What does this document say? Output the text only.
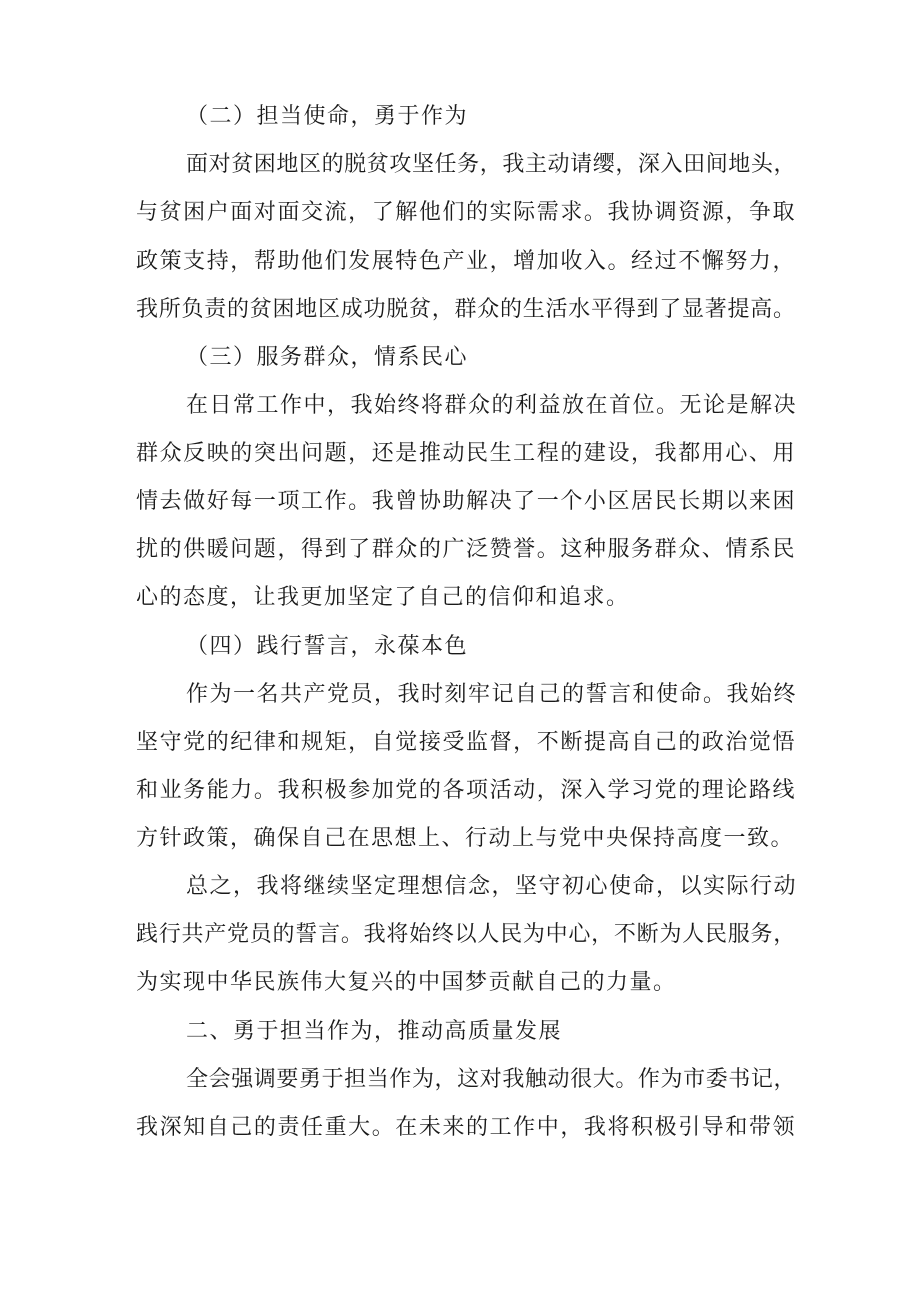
（二）担当使命，勇于作为
面对贫困地区的脱贫攻坚任务，我主动请缨，深入田间地头，
与贫困户面对面交流，了解他们的实际需求。我协调资源，争取
政策支持，帮助他们发展特色产业，增加收入。经过不懈努力，
我所负责的贫困地区成功脱贫，群众的生活水平得到了显著提高。
（三）服务群众，情系民心
在日常工作中，我始终将群众的利益放在首位。无论是解决
群众反映的突出问题，还是推动民生工程的建设，我都用心、用
情去做好每一项工作。我曾协助解决了一个小区居民长期以来困
扰的供暖问题，得到了群众的广泛赞誉。这种服务群众、情系民
心的态度，让我更加坚定了自己的信仰和追求。
（四）践行誓言，永葆本色
作为一名共产党员，我时刻牢记自己的誓言和使命。我始终
坚守党的纪律和规矩，自觉接受监督，不断提高自己的政治觉悟
和业务能力。我积极参加党的各项活动，深入学习党的理论路线
方针政策，确保自己在思想上、行动上与党中央保持高度一致。
总之，我将继续坚定理想信念，坚守初心使命，以实际行动
践行共产党员的誓言。我将始终以人民为中心，不断为人民服务，
为实现中华民族伟大复兴的中国梦贡献自己的力量。
二、勇于担当作为，推动高质量发展
全会强调要勇于担当作为，这对我触动很大。作为市委书记，
我深知自己的责任重大。在未来的工作中，我将积极引导和带领
